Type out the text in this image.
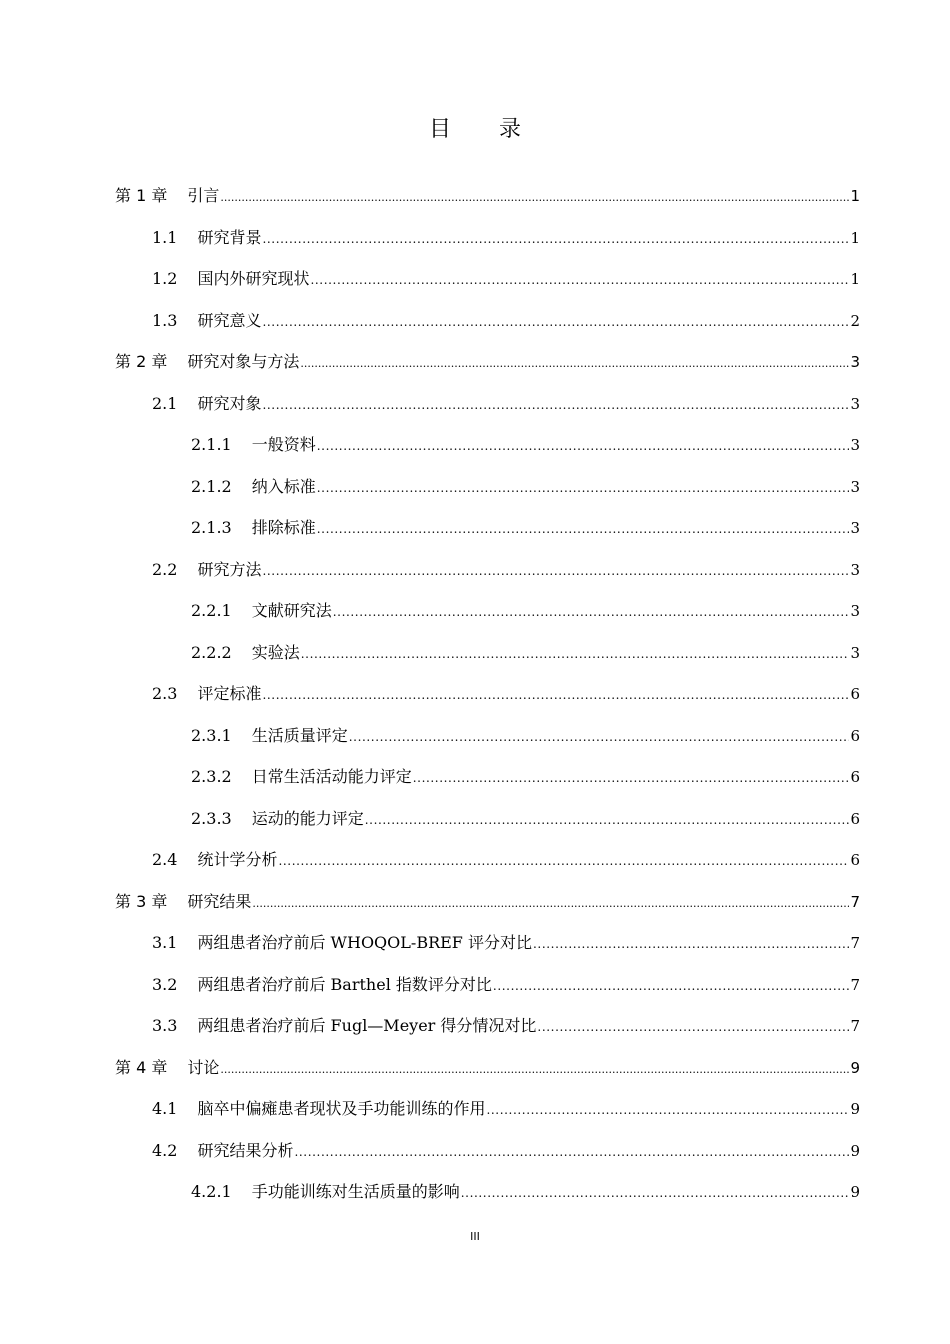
目 录
第 1 章 引言 .....	1
1.1 研究背景 .....	1
1.2 国内外研究现状 .....	1
1.3 研究意义 .....	2
第 2 章 研究对象与方法 .....	3
2.1 研究对象 .....	3
2.1.1 一般资料 .....	3
2.1.2 纳入标准 .....	3
2.1.3 排除标准 .....	3
2.2 研究方法 .....	3
2.2.1 文献研究法 .....	3
2.2.2 实验法 .....	3
2.3 评定标准 .....	6
2.3.1 生活质量评定 .....	6
2.3.2 日常生活活动能力评定 .....	6
2.3.3 运动的能力评定 .....	6
2.4 统计学分析 .....	6
第 3 章 研究结果 .....	7
3.1 两组患者治疗前后 WHOQOL-BREF 评分对比 .....	7
3.2 两组患者治疗前后 Barthel 指数评分对比 .....	7
3.3 两组患者治疗前后 Fugl—Meyer 得分情况对比 .....	7
第 4 章 讨论 .....	9
4.1 脑卒中偏瘫患者现状及手功能训练的作用 .....	9
4.2 研究结果分析 .....	9
4.2.1 手功能训练对生活质量的影响 .....	9
III
